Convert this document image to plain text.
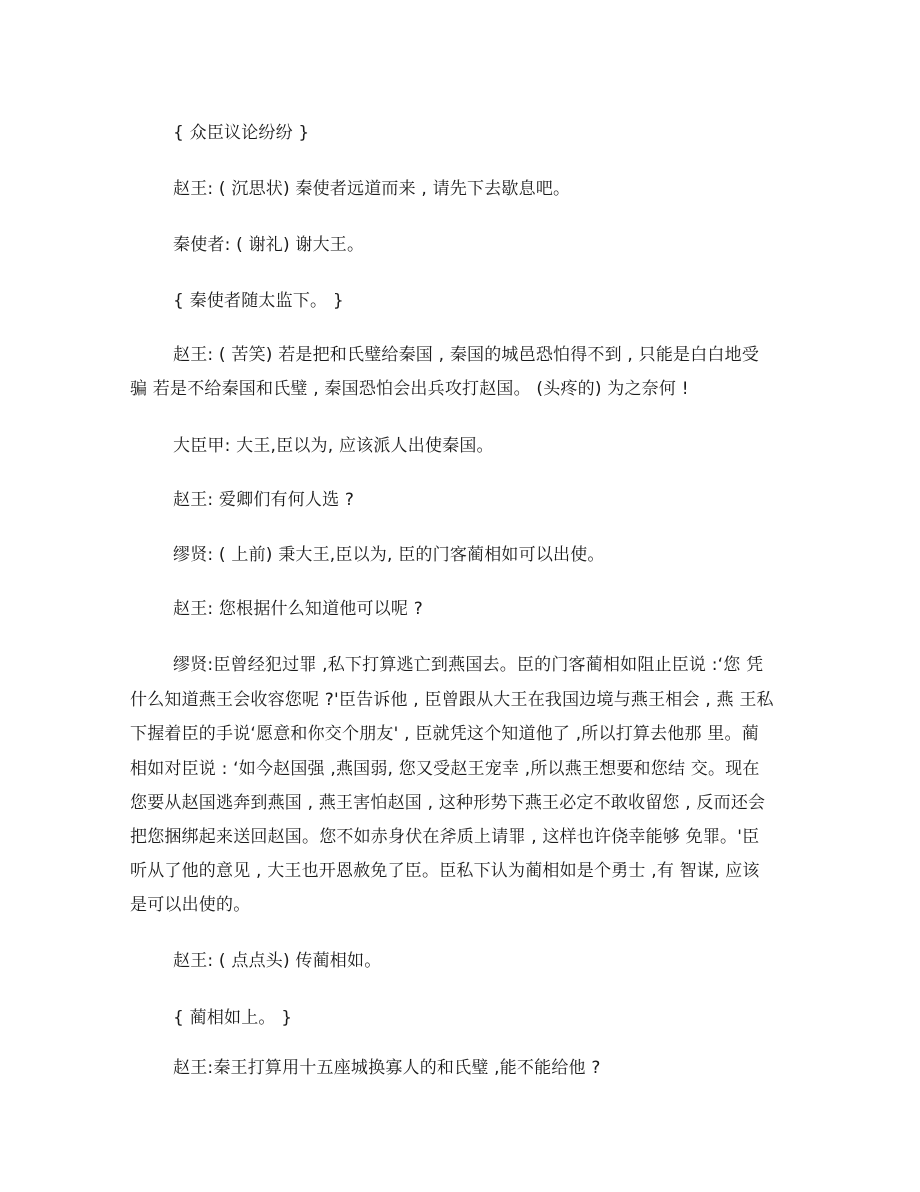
{ 众臣议论纷纷 }
赵王: ( 沉思状) 秦使者远道而来 , 请先下去歇息吧。
秦使者: ( 谢礼) 谢大王。
{ 秦使者随太监下。 }
赵王: ( 苦笑) 若是把和氏璧给秦国 , 秦国的城邑恐怕得不到 , 只能是白白地受
骗 若是不给秦国和氏璧 , 秦国恐怕会出兵攻打赵国。 (头疼的) 为之奈何 !
大臣甲: 大王,臣以为, 应该派人出使秦国。
赵王: 爱卿们有何人选 ?
缪贤: ( 上前) 秉大王,臣以为, 臣的门客蔺相如可以出使。
赵王: 您根据什么知道他可以呢 ?
缪贤:臣曾经犯过罪 ,私下打算逃亡到燕国去。臣的门客蔺相如阻止臣说 :‘您 凭
什么知道燕王会收容您呢 ?'臣告诉他 , 臣曾跟从大王在我国边境与燕王相会 , 燕 王私
下握着臣的手说‘愿意和你交个朋友' , 臣就凭这个知道他了 ,所以打算去他那 里。蔺
相如对臣说 : ‘如今赵国强 ,燕国弱, 您又受赵王宠幸 ,所以燕王想要和您结 交。现在
您要从赵国逃奔到燕国 , 燕王害怕赵国 , 这种形势下燕王必定不敢收留您 , 反而还会
把您捆绑起来送回赵国。您不如赤身伏在斧质上请罪 , 这样也许侥幸能够 免罪。'臣
听从了他的意见 , 大王也开恩赦免了臣。臣私下认为蔺相如是个勇士 ,有 智谋, 应该
是可以出使的。
赵王: ( 点点头) 传蔺相如。
{ 蔺相如上。 }
赵王:秦王打算用十五座城换寡人的和氏璧 ,能不能给他 ?
